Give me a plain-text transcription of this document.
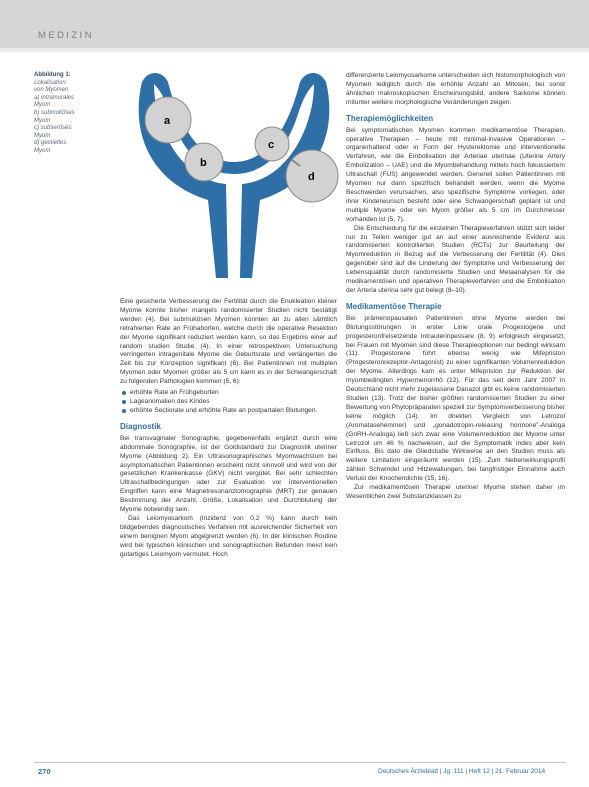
MEDIZIN
Abbildung 1:
Lokalisation
von Myomen
a) intramurales
Myom
b) submuköses
Myom
c) subseröses
Myom
d) gestieltes
Myom
a
b
c
d

Eine gesicherte Verbesserung der Fertilität durch die Enukleation kleiner Myome konnte bisher mangels randomisierter Studien nicht bestätigt werden (4). Bei submukösen Myomen konnten an zu allen sämtlich retrahierten Rate an Frühaborten, welche durch die operative Resektion der Myome signifikant reduziert werden kann, so das Ergebnis einer auf random studien Studie (4). In einer retrospektiven Untersuchung verringerten intragenitale Myome die Geburtsrate und verlängerten die Zeit bis zur Konzeption signifikant (6). Bei Patientinnen mit multiplen Myomen oder Myomen größer als 5 cm kann es in der Schwangerschaft zu folgenden Pathologien kommen (5, 6):

erhöhte Rate an Frühgeburten
Lageanomalien des Kindes
erhöhte Sectiorate und erhöhte Rate an postpartalen Blutungen.
Diagnostik

Bei transvaginaler Sonographie, gegebenenfalls ergänzt durch eine abdominale Sonographie, ist der Goldstandard zur Diagnostik uteriner Myome (Abbildung 2). Ein Ultrasonographisches Myomwachstum bei asymptomatischen Patientinnen erscheint nicht sinnvoll und wird von der gesetzlichen Krankenkasse (GKV) nicht vergütet. Bei sehr schlechten Ultraschallbedingungen oder zur Evaluation vor interventionellen Eingriffen kann eine Magnetresonanztomographie (MRT) zur genauen Bestimmung der Anzahl, Größe, Lokalisation und Durchblutung der Myome notwendig sein.

Das Leiomyosarkom (Inzidenz von 0,2 %) kann durch kein bildgebendes diagnostisches Verfahren mit ausreichender Sicherheit von einem benignen Myom abgegrenzt werden (6). In der klinischen Routine wird bei typischen klinischen und sonographischen Befunden meist kein gutartiges Leiomyom vermutet. Hoch

differenzierte Leiomyosarkome unterscheiden sich histomorphologisch von Myomen lediglich durch die erhöhte Anzahl an Mitosen, bei sonst ähnlichen makroskopischen Erscheinungsbild, andere Sarkome können mitunter weitere morphologische Veränderungen zeigen.

Therapiemöglichkeiten

Bei symptomatischen Myomen kommen medikamentöse Therapien, operative Therapien – heute mit minimal-invasive Operationen – organerhaltend oder in Form der Hysterektomie und interventionelle Verfahren, wie die Embolisation der Arteriae uterinae (Uterine Artery Embolization – UAE) und die Myombehandlung mittels hoch fokussiertem Ultraschall (FUS) angewendet werden. Generell sollen Patientinnen mit Myomen nur dann spezifisch behandelt werden, wenn die Myome Beschwerden verursachen, also spezifische Symptome vorliegen, oder ihrer Kinderwunsch besteht oder eine Schwangerschaft geplant ist und multiple Myome oder ein Myom größer als 5 cm im Durchmesser vorhanden ist (5, 7).

Die Entscheidung für die einzelnen Therapieverfahren stützt sich leider nur zu Teilen weniger gut an auf einer ausreichende Evidenz aus randomisierten kontrollierten Studien (RCTs) zur Beurteilung der Myomreduktion in Bezug auf die Verbesserung der Fertilität (4). Dies gegenüber sind auf die Linderung der Symptome und Verbesserung der Lebensqualität durch randomisierte Studien und Metaanalysen für die medikamentösen und operativen Therapieverfahren und die Embolisation der Arteria uterina sehr gut belegt (8–10).

Medikamentöse Therapie

Bei prämenopausalen Patientinnen ohne Myome werden bei Blutungsstörungen in erster Linie orale Progestogene und progesteronfreisetzende Intrauterinpessare (8, 9) erfolgreich eingesetzt, bei Frauen mit Myomen sind diese Therapieoptionen nur bedingt wirksam (11). Progestorene führt ebenso wenig wie Mifepriston (Progesteronrezeptor-Antagonist) zu einer signifikanten Volumenreduktion der Myome. Allerdings kam es unter Mifepriston zur Reduktion der myombedingten Hypermenorrhö (12). Für das seit dem Jahr 2007 in Deutschland nicht mehr zugelassene Danazol gibt es keine randomisierten Studien (13). Trotz der bisher größten randomisierten Studien zu einer Bewertung von Phytopräparaten speziell zur Symptomverbesserung bisher keine möglich (14). Im direkten Vergleich von Letrozol (Aromatasehemmer) und „gonadotropin-releasing hormone"-Analoga (GnRH-Analoga) ließ sich zwar eine Volumenreduktion der Myome unter Letrozol um 46 % nachweisen, auf die Symptomatik indes aber kein Einfluss. Bis dato die Gliedstudie Wirkweise an den Studien muss als weitere Limitation eingeräumt werden (15). Zum Nebenwirkungsprofil zählen Schwindel und Hitzewallungen, bei langfristiger Einnahme auch Verlust der Knochendichte (15, 16).

Zur medikamentösen Therapie uteriner Myome stehen daher im Wesentlichen zwei Substanzklassen zu

270	Deutsches Ärzteblatt | Jg. 111 | Heft 12 | 21. Februar 2014
